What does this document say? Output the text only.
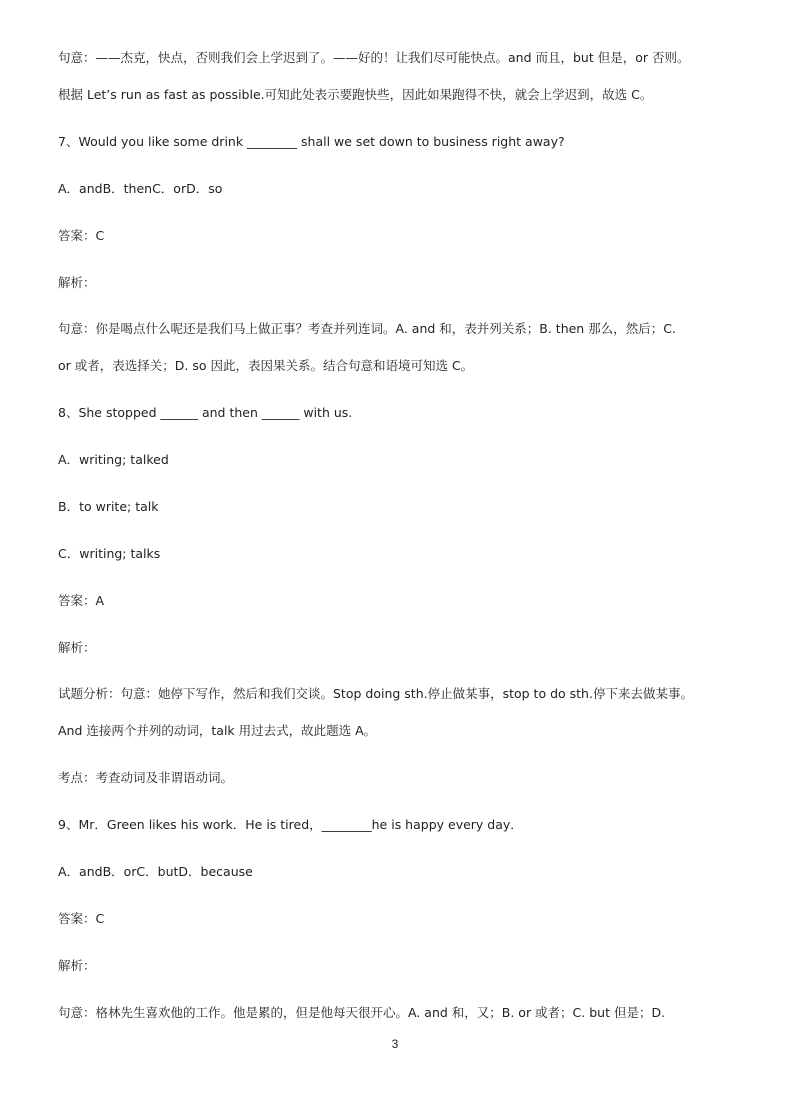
句意：——杰克，快点，否则我们会上学迟到了。——好的！让我们尽可能快点。and 而且，but 但是，or 否则。
根据 Let’s run as fast as possible.可知此处表示要跑快些，因此如果跑得不快，就会上学迟到，故选 C。
7、Would you like some drink ________ shall we set down to business right away?
A．andB．thenC．orD．so
答案：C
解析：
句意：你是喝点什么呢还是我们马上做正事？考查并列连词。A. and 和，表并列关系；B. then 那么，然后；C.
or 或者，表选择关；D. so 因此，表因果关系。结合句意和语境可知选 C。
8、She stopped ______ and then ______ with us.
A．writing; talked
B．to write; talk
C．writing; talks
答案：A
解析：
试题分析：句意：她停下写作，然后和我们交谈。Stop doing sth.停止做某事，stop to do sth.停下来去做某事。
And 连接两个并列的动词，talk 用过去式，故此题选 A。
考点：考查动词及非谓语动词。
9、Mr．Green likes his work．He is tired，________he is happy every day．
A．andB．orC．butD．because
答案：C
解析：
句意：格林先生喜欢他的工作。他是累的，但是他每天很开心。A. and 和，又；B. or 或者；C. but 但是；D.
3
